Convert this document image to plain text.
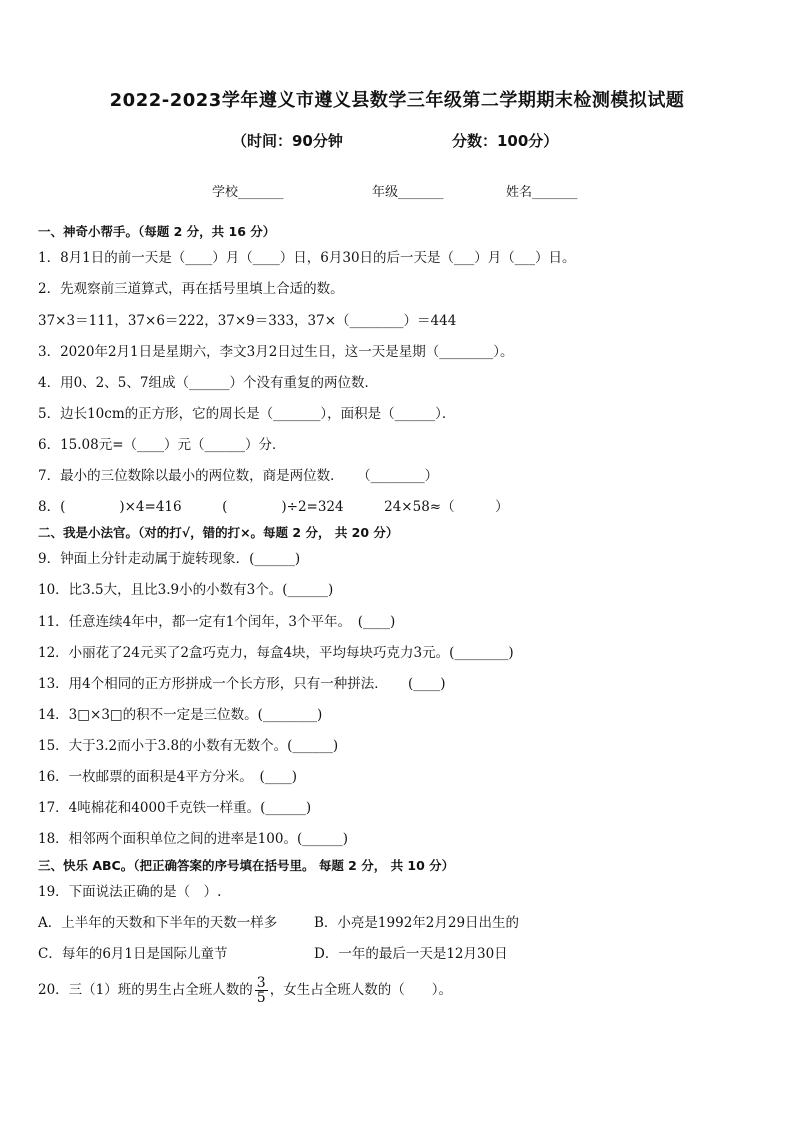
2022-2023学年遵义市遵义县数学三年级第二学期期末检测模拟试题
（时间：90分钟	分数：100分）
学校_______	年级_______	姓名_______
一、神奇小帮手。（每题 2 分，共 16 分）
1．8月1日的前一天是（____）月（____）日，6月30日的后一天是（___）月（___）日。
2．先观察前三道算式，再在括号里填上合适的数。
37×3＝111，37×6＝222，37×9＝333，37×（________）＝444
3．2020年2月1日是星期六，李文3月2日过生日，这一天是星期（________）。
4．用0、2、5、7组成（______）个没有重复的两位数．
5．边长10cm的正方形，它的周长是（_______），面积是（______）．
6．15.08元=（____）元（______）分．
7．最小的三位数除以最小的两位数，商是两位数．　　（________）
8．(　　　　)×4=416　　　(　　　　)÷2=324　　　24×58≈（　　　）
二、我是小法官。（对的打√，错的打×。每题 2 分， 共 20 分）
9．钟面上分针走动属于旋转现象．(______)
10．比3.5大，且比3.9小的小数有3个。(______)
11．任意连续4年中，都一定有1个闰年，3个平年。　(____)
12．小丽花了24元买了2盒巧克力，每盒4块，平均每块巧克力3元。(________)
13．用4个相同的正方形拼成一个长方形，只有一种拼法．　　(____)
14．3□×3□的积不一定是三位数。(________)
15．大于3.2而小于3.8的小数有无数个。(______)
16．一枚邮票的面积是4平方分米。　(____)
17．4吨棉花和4000千克铁一样重。(______)
18．相邻两个面积单位之间的进率是100。(______)
三、快乐 ABC。（把正确答案的序号填在括号里。 每题 2 分， 共 10 分）
19．下面说法正确的是（　）.
A．上半年的天数和下半年的天数一样多	B．小亮是1992年2月29日出生的
C．每年的6月1日是国际儿童节	D．一年的最后一天是12月30日
20．三（1）班的男生占全班人数的 $\frac{3}{5}$ ，女生占全班人数的（　　）。
